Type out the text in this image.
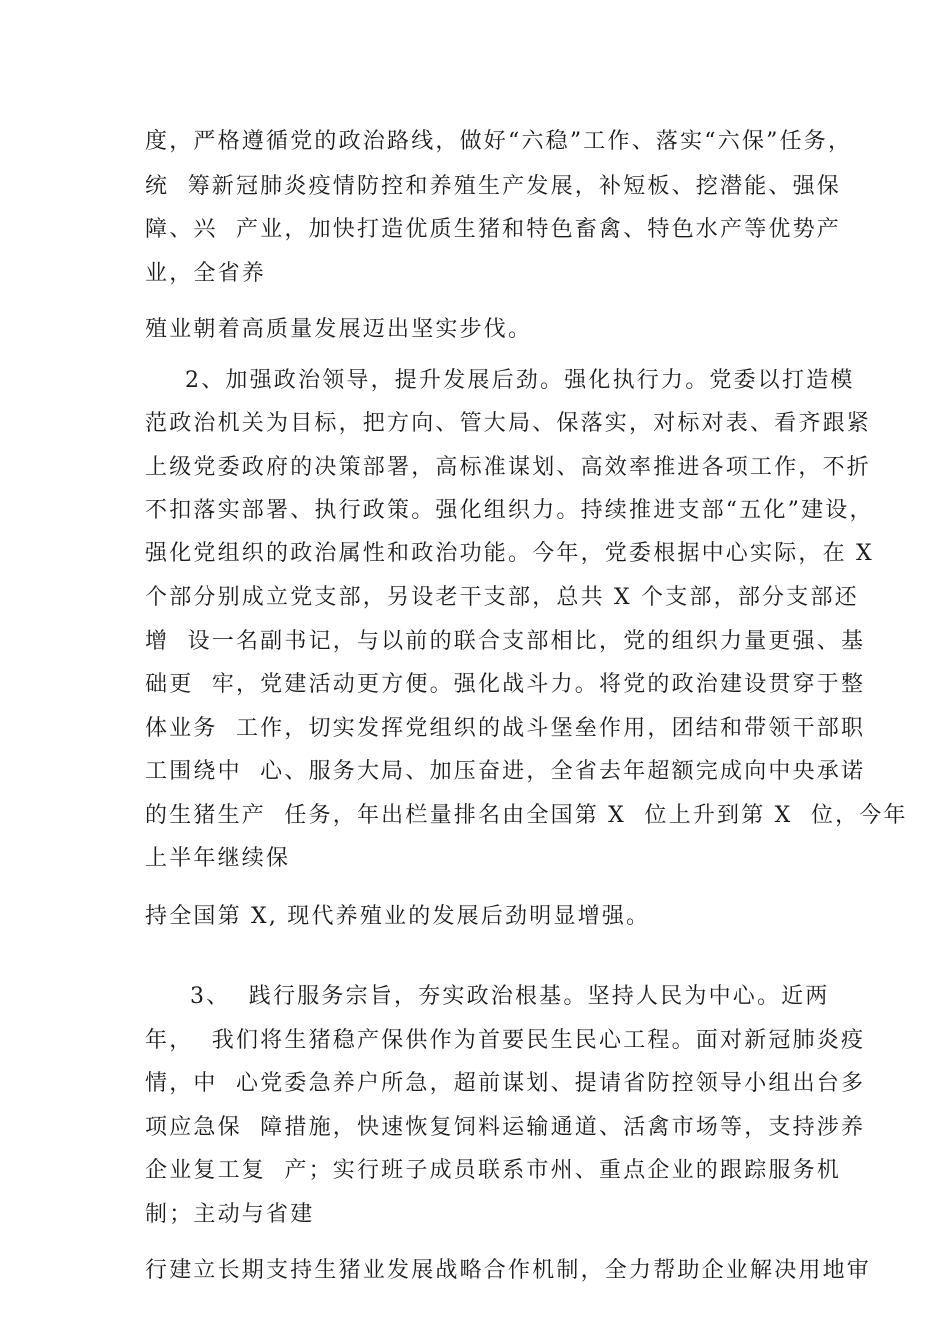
度，严格遵循党的政治路线，做好“六稳”工作、落实“六保”任务，
统  筹新冠肺炎疫情防控和养殖生产发展，补短板、挖潜能、强保
障、兴  产业，加快打造优质生猪和特色畜禽、特色水产等优势产
业，全省养
殖业朝着高质量发展迈出坚实步伐。
2、加强政治领导，提升发展后劲。强化执行力。党委以打造模
范政治机关为目标，把方向、管大局、保落实，对标对表、看齐跟紧
上级党委政府的决策部署，高标准谋划、高效率推进各项工作，不折
不扣落实部署、执行政策。强化组织力。持续推进支部“五化”建设，
强化党组织的政治属性和政治功能。今年，党委根据中心实际，在 X
个部分别成立党支部，另设老干支部，总共 X 个支部，部分支部还
增  设一名副书记，与以前的联合支部相比，党的组织力量更强、基
础更  牢，党建活动更方便。强化战斗力。将党的政治建设贯穿于整
体业务  工作，切实发挥党组织的战斗堡垒作用，团结和带领干部职
工围绕中  心、服务大局、加压奋进，全省去年超额完成向中央承诺
的生猪生产  任务，年出栏量排名由全国第 X  位上升到第 X  位，今年
上半年继续保
持全国第 X, 现代养殖业的发展后劲明显增强。
3、  践行服务宗旨，夯实政治根基。坚持人民为中心。近两
年，  我们将生猪稳产保供作为首要民生民心工程。面对新冠肺炎疫
情，中  心党委急养户所急，超前谋划、提请省防控领导小组出台多
项应急保  障措施，快速恢复饲料运输通道、活禽市场等，支持涉养
企业复工复  产；实行班子成员联系市州、重点企业的跟踪服务机
制；主动与省建
行建立长期支持生猪业发展战略合作机制，全力帮助企业解决用地审
